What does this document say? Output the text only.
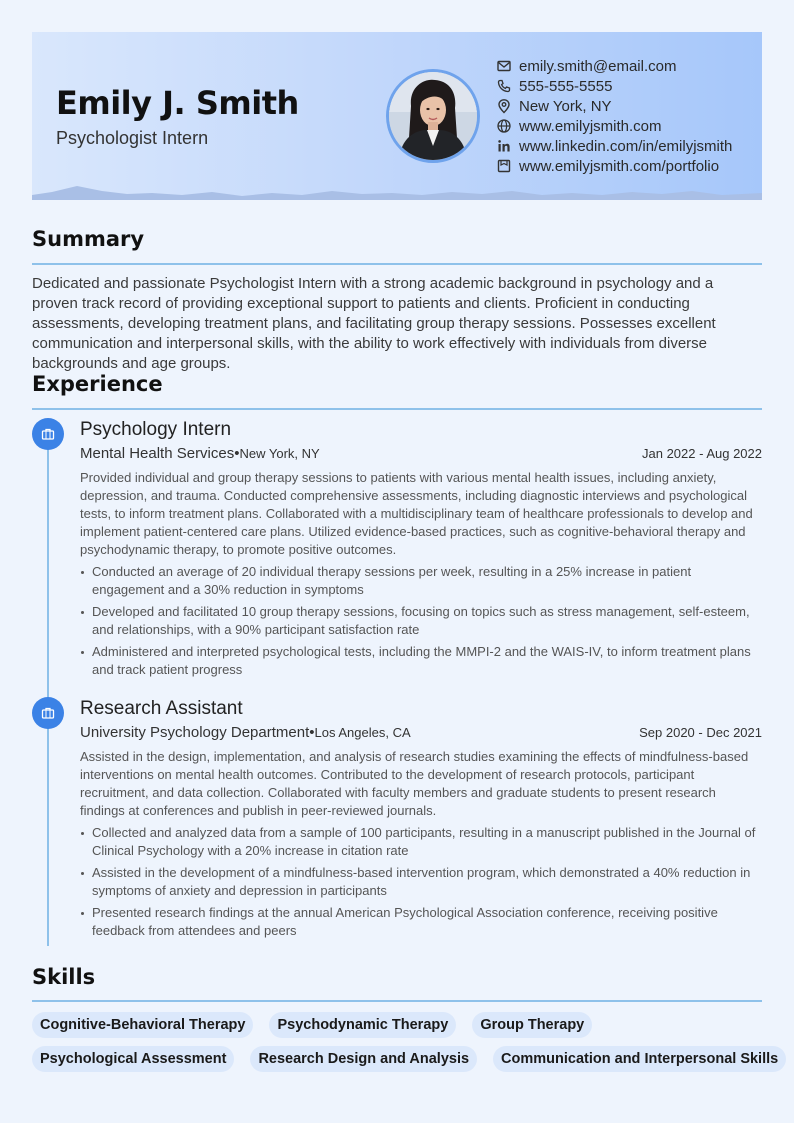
Emily J. Smith
Psychologist Intern
emily.smith@email.com
555-555-5555
New York, NY
www.emilyjsmith.com
www.linkedin.com/in/emilyjsmith
www.emilyjsmith.com/portfolio
Summary
Dedicated and passionate Psychologist Intern with a strong academic background in psychology and a proven track record of providing exceptional support to patients and clients. Proficient in conducting assessments, developing treatment plans, and facilitating group therapy sessions. Possesses excellent communication and interpersonal skills, with the ability to work effectively with individuals from diverse backgrounds and age groups.
Experience
Psychology Intern
Mental Health Services•New York, NY	Jan 2022 - Aug 2022
Provided individual and group therapy sessions to patients with various mental health issues, including anxiety, depression, and trauma. Conducted comprehensive assessments, including diagnostic interviews and psychological tests, to inform treatment plans. Collaborated with a multidisciplinary team of healthcare professionals to develop and implement patient-centered care plans. Utilized evidence-based practices, such as cognitive-behavioral therapy and psychodynamic therapy, to promote positive outcomes.
Conducted an average of 20 individual therapy sessions per week, resulting in a 25% increase in patient engagement and a 30% reduction in symptoms
Developed and facilitated 10 group therapy sessions, focusing on topics such as stress management, self-esteem, and relationships, with a 90% participant satisfaction rate
Administered and interpreted psychological tests, including the MMPI-2 and the WAIS-IV, to inform treatment plans and track patient progress
Research Assistant
University Psychology Department•Los Angeles, CA	Sep 2020 - Dec 2021
Assisted in the design, implementation, and analysis of research studies examining the effects of mindfulness-based interventions on mental health outcomes. Contributed to the development of research protocols, participant recruitment, and data collection. Collaborated with faculty members and graduate students to present research findings at conferences and publish in peer-reviewed journals.
Collected and analyzed data from a sample of 100 participants, resulting in a manuscript published in the Journal of Clinical Psychology with a 20% increase in citation rate
Assisted in the development of a mindfulness-based intervention program, which demonstrated a 40% reduction in symptoms of anxiety and depression in participants
Presented research findings at the annual American Psychological Association conference, receiving positive feedback from attendees and peers
Skills
Cognitive-Behavioral Therapy	Psychodynamic Therapy	Group Therapy
Psychological Assessment	Research Design and Analysis	Communication and Interpersonal Skills
